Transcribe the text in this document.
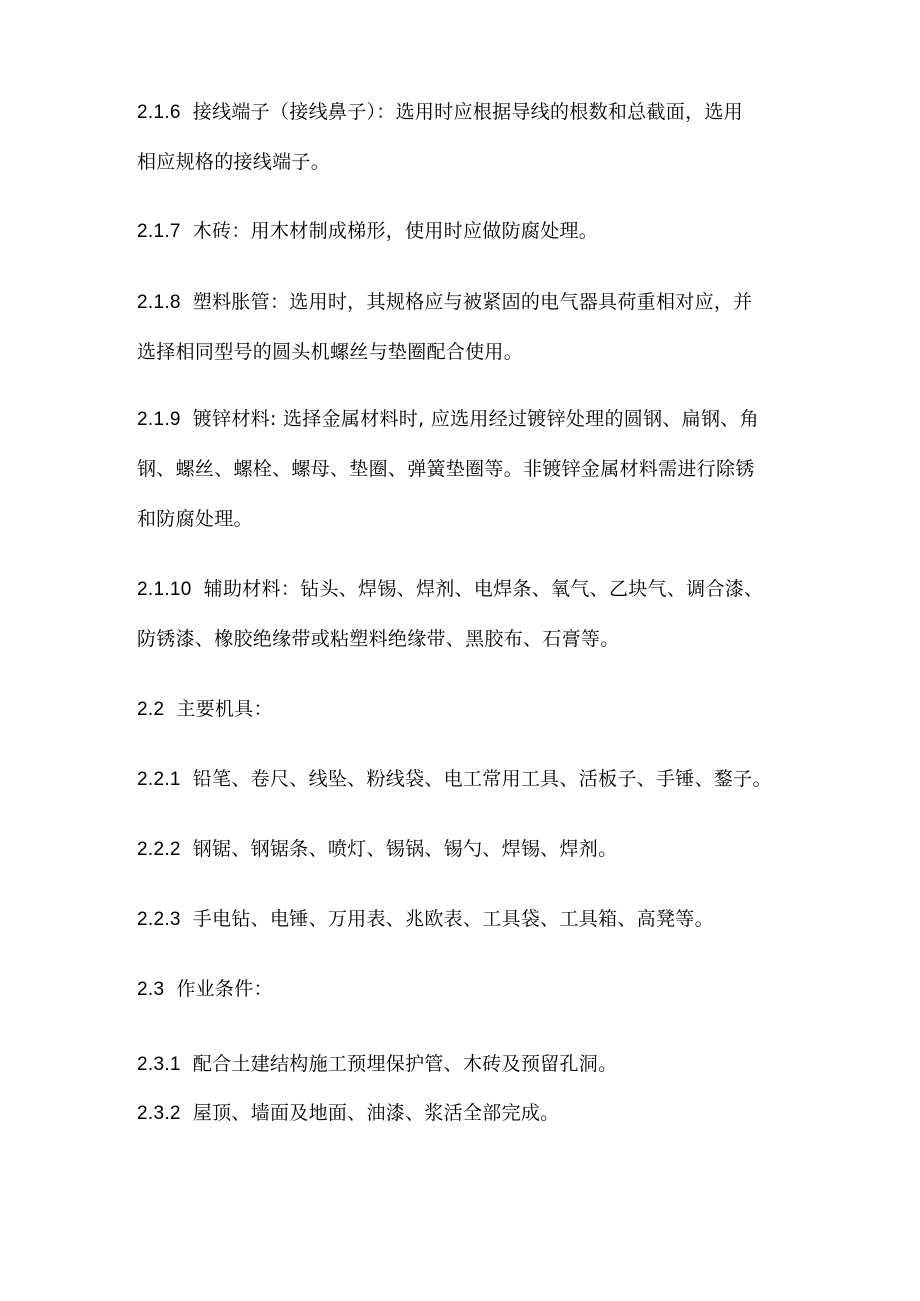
2.1.6 接线端子（接线鼻子）：选用时应根据导线的根数和总截面，选用
相应规格的接线端子。
2.1.7 木砖：用木材制成梯形，使用时应做防腐处理。
2.1.8 塑料胀管：选用时，其规格应与被紧固的电气器具荷重相对应，并
选择相同型号的圆头机螺丝与垫圈配合使用。
2.1.9 镀锌材料: 选择金属材料时, 应选用经过镀锌处理的圆钢、扁钢、角
钢、螺丝、螺栓、螺母、垫圈、弹簧垫圈等。非镀锌金属材料需进行除锈
和防腐处理。
2.1.10 辅助材料：钻头、焊锡、焊剂、电焊条、氧气、乙块气、调合漆、
防锈漆、橡胶绝缘带或粘塑料绝缘带、黑胶布、石膏等。
2.2 主要机具：
2.2.1 铅笔、卷尺、线坠、粉线袋、电工常用工具、活板子、手锤、鍪子。
2.2.2 钢锯、钢锯条、喷灯、锡锅、锡勺、焊锡、焊剂。
2.2.3 手电钻、电锤、万用表、兆欧表、工具袋、工具箱、高凳等。
2.3 作业条件：
2.3.1 配合土建结构施工预埋保护管、木砖及预留孔洞。
2.3.2 屋顶、墙面及地面、油漆、浆活全部完成。
